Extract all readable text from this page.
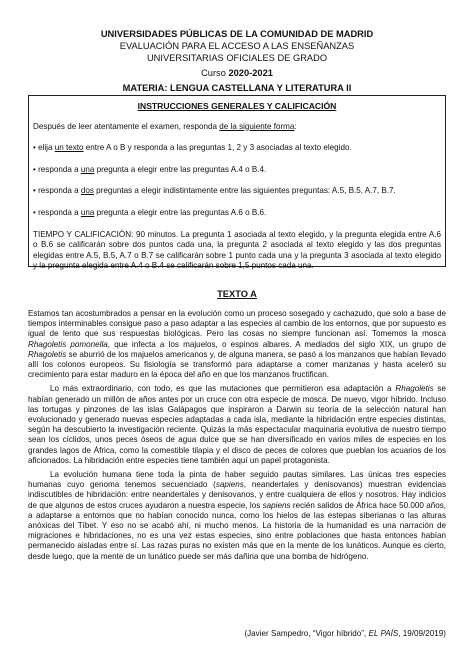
UNIVERSIDADES PÚBLICAS DE LA COMUNIDAD DE MADRID
EVALUACIÓN PARA EL ACCESO A LAS ENSEÑANZAS
UNIVERSITARIAS OFICIALES DE GRADO
Curso 2020-2021
MATERIA: LENGUA CASTELLANA Y LITERATURA II
INSTRUCCIONES GENERALES Y CALIFICACIÓN

Después de leer atentamente el examen, responda de la siguiente forma:

• elija un texto entre A o B y responda a las preguntas 1, 2 y 3 asociadas al texto elegido.

• responda a una pregunta a elegir entre las preguntas A.4 o B.4.

• responda a dos preguntas a elegir indistintamente entre las siguientes preguntas: A.5, B.5, A.7, B.7.

• responda a una pregunta a elegir entre las preguntas A.6 o B.6.

TIEMPO Y CALIFICACIÓN: 90 minutos. La pregunta 1 asociada al texto elegido, y la pregunta elegida entre A.6 o B.6 se calificarán sobre dos puntos cada una, la pregunta 2 asociada al texto elegido y las dos preguntas elegidas entre A.5, B.5, A.7 o B.7 se calificarán sobre 1 punto cada una y la pregunta 3 asociada al texto elegido y la pregunta elegida entre A.4 o B.4 se calificarán sobre 1,5 puntos cada una.

TEXTO A

Estamos tan acostumbrados a pensar en la evolución como un proceso sosegado y cachazudo, que solo a base de tiempos interminables consigue paso a paso adaptar a las especies al cambio de los entornos, que por supuesto es igual de lento que sus respuestas biológicas. Pero las cosas no siempre funcionan así. Tomemos la mosca Rhagoletis pomonella, que infecta a los majuelos, o espinos albares. A mediados del siglo XIX, un grupo de Rhagoletis se aburrió de los majuelos americanos y, de alguna manera, se pasó a los manzanos que habían llevado allí los colonos europeos. Su fisiología se transformó para adaptarse a comer manzanas y hasta aceleró su crecimiento para estar maduro en la época del año en que los manzanos fructifican.

Lo más extraordinario, con todo, es que las mutaciones que permitieron esa adaptación a Rhagoletis se habían generado un millón de años antes por un cruce con otra especie de mosca. De nuevo, vigor híbrido. Incluso las tortugas y pinzones de las islas Galápagos que inspiraron a Darwin su teoría de la selección natural han evolucionado y generado nuevas especies adaptadas a cada isla, mediante la hibridación entre especies distintas, según ha descubierto la investigación reciente. Quizás la más espectacular maquinaria evolutiva de nuestro tiempo sean los cíclidos, unos peces óseos de agua dulce que se han diversificado en varios miles de especies en los grandes lagos de África, como la comestible tilapia y el disco de peces de colores que pueblan los acuarios de los aficionados. La hibridación entre especies tiene también aquí un papel protagonista.

La evolución humana tiene toda la pinta de haber seguido pautas similares. Las únicas tres especies humanas cuyo genoma tenemos secuenciado (sapiens, neandertales y denisovanos) muestran evidencias indiscutibles de hibridación: entre neandertales y denisovanos, y entre cualquiera de ellos y nosotros. Hay indicios de que algunos de estos cruces ayudaron a nuestra especie, los sapiens recién salidos de África hace 50.000 años, a adaptarse a entornos que no habían conocido nunca, como los hielos de las estepas siberianas o las alturas anóxicas del Tíbet. Y eso no se acabó ahí, ni mucho menos. La historia de la humanidad es una narración de migraciones e hibridaciones, no es una vez estas especies, sino entre poblaciones que hasta entonces habían permanecido aisladas entre sí. Las razas puras no existen más que en la mente de los lunáticos. Aunque es cierto, desde luego, que la mente de un lunático puede ser más dañina que una bomba de hidrógeno.

(Javier Sampedro, “Vigor híbrido”, EL PAÍS, 19/09/2019)
